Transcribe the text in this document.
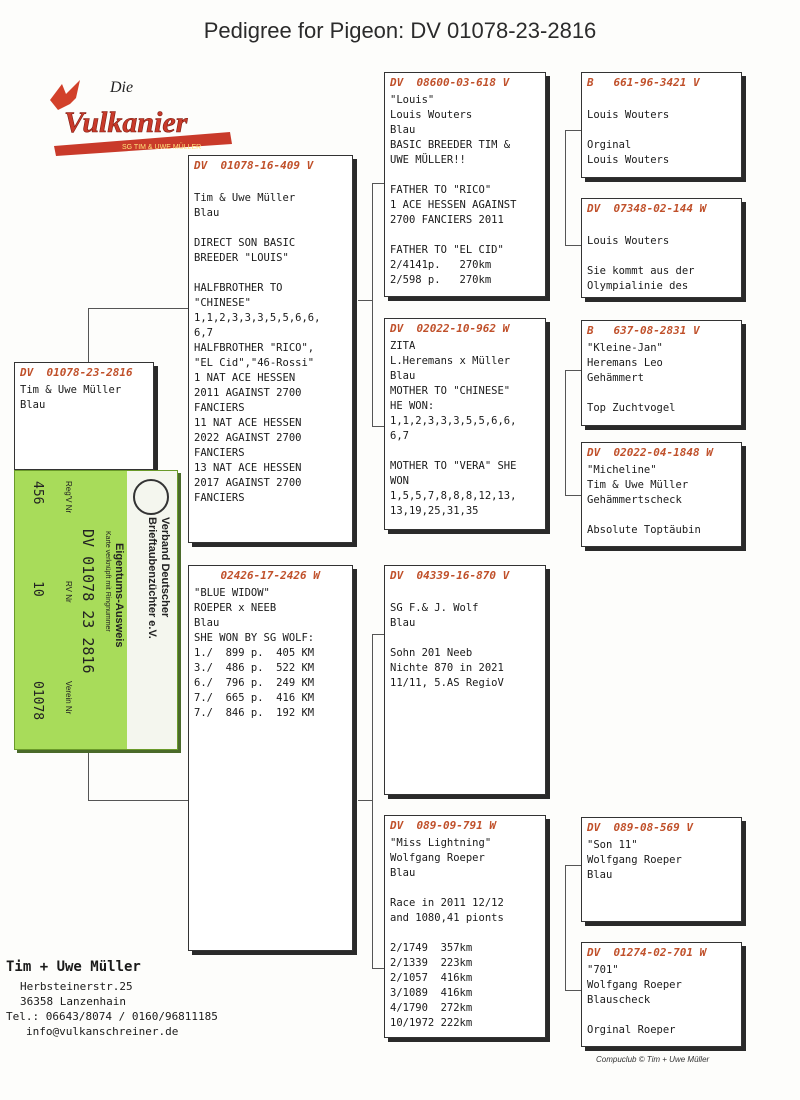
Pedigree for Pigeon: DV 01078-23-2816
Die
Vulkanier
SG TIM & UWE MÜLLER
DV  01078-23-2816
Tim & Uwe Müller
Blau
DV  01078-16-409 V
Tim & Uwe Müller
Blau
DIRECT SON BASIC
BREEDER "LOUIS"
HALFBROTHER TO
"CHINESE"
1,1,2,3,3,3,5,5,6,6,
6,7
HALFBROTHER "RICO",
"EL Cid","46-Rossi"
1 NAT ACE HESSEN
2011 AGAINST 2700
FANCIERS
11 NAT ACE HESSEN
2022 AGAINST 2700
FANCIERS
13 NAT ACE HESSEN
2017 AGAINST 2700
FANCIERS
02426-17-2426 W
"BLUE WIDOW"
ROEPER x NEEB
Blau
SHE WON BY SG WOLF:
1./  899 p.  405 KM
3./  486 p.  522 KM
6./  796 p.  249 KM
7./  665 p.  416 KM
7./  846 p.  192 KM
DV  08600-03-618 V
"Louis"
Louis Wouters
Blau
BASIC BREEDER TIM &
UWE MÜLLER!!
FATHER TO "RICO"
1 ACE HESSEN AGAINST
2700 FANCIERS 2011
FATHER TO "EL CID"
2/4141p.   270km
2/598 p.   270km
DV  02022-10-962 W
ZITA
L.Heremans x Müller
Blau
MOTHER TO "CHINESE"
HE WON:
1,1,2,3,3,3,5,5,6,6,
6,7
MOTHER TO "VERA" SHE
WON
1,5,5,7,8,8,8,12,13,
13,19,25,31,35
DV  04339-16-870 V
SG F.& J. Wolf
Blau
Sohn 201 Neeb
Nichte 870 in 2021
11/11, 5.AS RegioV
DV  089-09-791 W
"Miss Lightning"
Wolfgang Roeper
Blau
Race in 2011 12/12
and 1080,41 pionts
2/1749  357km
2/1339  223km
2/1057  416km
3/1089  416km
4/1790  272km
10/1972 222km
B   661-96-3421 V
Louis Wouters
Orginal
Louis Wouters
DV  07348-02-144 W
Louis Wouters
Sie kommt aus der
Olympialinie des
B   637-08-2831 V
"Kleine-Jan"
Heremans Leo
Gehämmert
Top Zuchtvogel
DV  02022-04-1848 W
"Micheline"
Tim & Uwe Müller
Gehämmertscheck
Absolute Toptäubin
DV  089-08-569 V
"Son 11"
Wolfgang Roeper
Blau
DV  01274-02-701 W
"701"
Wolfgang Roeper
Blauscheck
Orginal Roeper
Verband Deutscher
Brieftaubenzüchter e.V.
Eigentums-Ausweis
Karte verknüpft mit Ringnummer
DV 01078 23 2816
Reg'V Nr
456
RV Nr
10
Verein Nr
01078
Tim + Uwe Müller
Herbsteinerstr.25
36358 Lanzenhain
Tel.: 06643/8074 / 0160/96811185
info@vulkanschreiner.de
Compuclub © Tim + Uwe Müller
